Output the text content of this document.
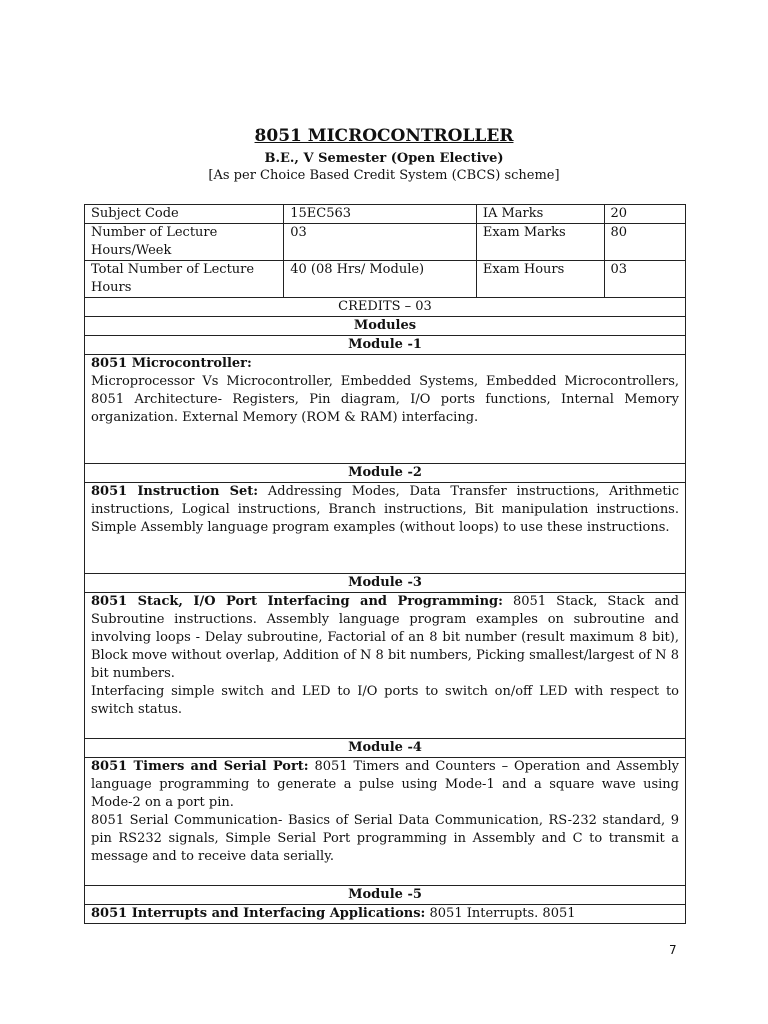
8051 MICROCONTROLLER
B.E., V Semester (Open Elective)
[As per Choice Based Credit System (CBCS) scheme]
Subject Code	15EC563	IA Marks	20
Number of Lecture Hours/Week	03	Exam Marks	80
Total Number of Lecture Hours	40 (08 Hrs/ Module)	Exam Hours	03
CREDITS – 03			
Modules			
Module -1			

8051 Microcontroller:
Microprocessor Vs Microcontroller, Embedded Systems, Embedded Microcontrollers, 8051 Architecture- Registers, Pin diagram, I/O ports functions, Internal Memory organization. External Memory (ROM & RAM) interfacing.			

Module -2			

8051 Instruction Set: Addressing Modes, Data Transfer instructions, Arithmetic instructions, Logical instructions, Branch instructions, Bit manipulation instructions. Simple Assembly language program examples (without loops) to use these instructions.			

Module -3			

8051 Stack, I/O Port Interfacing and Programming: 8051 Stack, Stack and Subroutine instructions. Assembly language program examples on subroutine and involving loops - Delay subroutine, Factorial of an 8 bit number (result maximum 8 bit), Block move without overlap, Addition of N 8 bit numbers, Picking smallest/largest of N 8 bit numbers.

Interfacing simple switch and LED to I/O ports to switch on/off LED with respect to switch status.			

Module -4			

8051 Timers and Serial Port: 8051 Timers and Counters – Operation and Assembly language programming to generate a pulse using Mode-1 and a square wave using Mode-2 on a port pin.

8051 Serial Communication- Basics of Serial Data Communication, RS-232 standard, 9 pin RS232 signals, Simple Serial Port programming in Assembly and C to transmit a message and to receive data serially.			

Module -5			

8051 Interrupts and Interfacing Applications: 8051 Interrupts. 8051			

7
